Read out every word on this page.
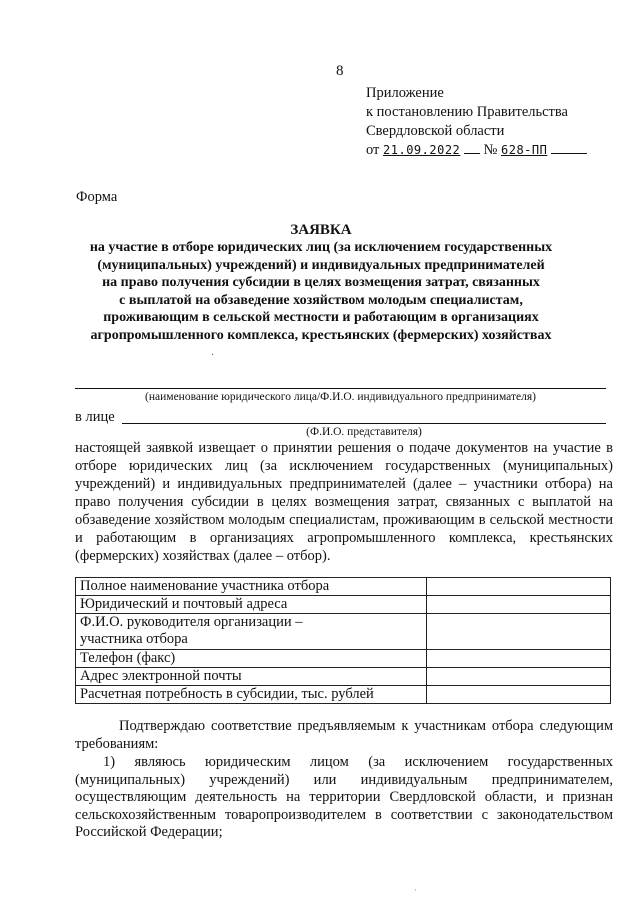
8
Приложение
к постановлению Правительства
Свердловской области
от 21.09.2022 № 628-ПП
Форма
ЗАЯВКА
на участие в отборе юридических лиц (за исключением государственных
(муниципальных) учреждений) и индивидуальных предпринимателей
на право получения субсидии в целях возмещения затрат, связанных
с выплатой на обзаведение хозяйством молодым специалистам,
проживающим в сельской местности и работающим в организациях
агропромышленного комплекса, крестьянских (фермерских) хозяйствах
·
(наименование юридического лица/Ф.И.О. индивидуального предпринимателя)
в лице
(Ф.И.О. представителя)
настоящей заявкой извещает о принятии решения о подаче документов на участие в отборе юридических лиц (за исключением государственных (муниципальных) учреждений) и индивидуальных предпринимателей (далее – участники отбора) на право получения субсидии в целях возмещения затрат, связанных с выплатой на обзаведение хозяйством молодым специалистам, проживающим в сельской местности и работающим в организациях агропромышленного комплекса, крестьянских (фермерских) хозяйствах (далее – отбор).
Полное наименование участника отбора	
Юридический и почтовый адреса	
Ф.И.О. руководителя организации –
участника отбора	
Телефон (факс)	
Адрес электронной почты	
Расчетная потребность в субсидии, тыс. рублей	
Подтверждаю соответствие предъявляемым к участникам отбора следующим требованиям:
1) являюсь юридическим лицом (за исключением государственных (муниципальных) учреждений) или индивидуальным предпринимателем, осуществляющим деятельность на территории Свердловской области, и признан сельскохозяйственным товаропроизводителем в соответствии с законодательством Российской Федерации;
·
